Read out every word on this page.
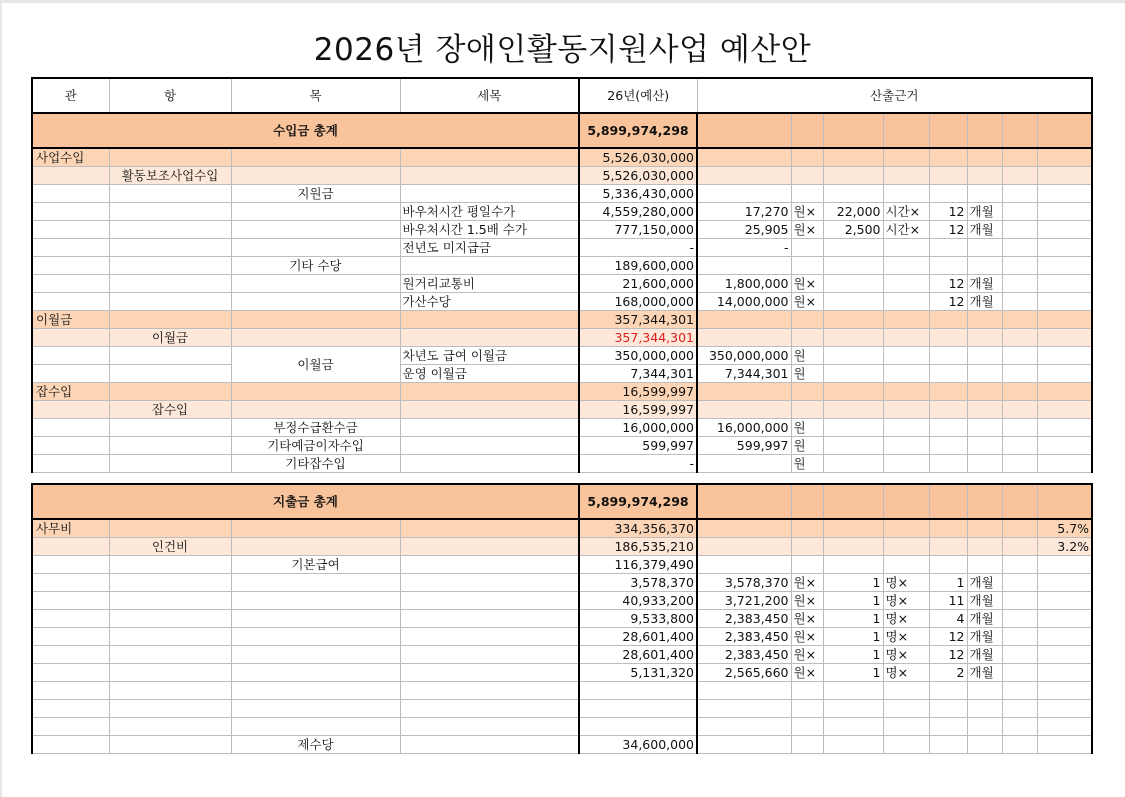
2026년 장애인활동지원사업 예산안
관	항	목	세목	26년(예산)	산출근거							
수입금 총계				5,899,974,298								
사업수입				5,526,030,000								
	활동보조사업수입			5,526,030,000								
		지원금		5,336,430,000								
			바우처시간 평일수가	4,559,280,000	17,270	원×	22,000	시간×	12	개월		
			바우처시간 1.5배 수가	777,150,000	25,905	원×	2,500	시간×	12	개월		
			전년도 미지급금	-	-							
		기타 수당		189,600,000								
			원거리교통비	21,600,000	1,800,000	원×			12	개월		
			가산수당	168,000,000	14,000,000	원×			12	개월		
이월금				357,344,301								
	이월금			357,344,301								
		이월금	차년도 급여 이월금	350,000,000	350,000,000	원						
			운영 이월금	7,344,301	7,344,301	원						
잡수입				16,599,997								
	잡수입			16,599,997								
		부정수급환수금		16,000,000	16,000,000	원						
		기타예금이자수입		599,997	599,997	원						
		기타잡수입		-		원						

지출금 총계				5,899,974,298								
사무비				334,356,370								5.7%
	인건비			186,535,210								3.2%
		기본급여		116,379,490								
				3,578,370	3,578,370	원×	1	명×	1	개월		
				40,933,200	3,721,200	원×	1	명×	11	개월		
				9,533,800	2,383,450	원×	1	명×	4	개월		
				28,601,400	2,383,450	원×	1	명×	12	개월		
				28,601,400	2,383,450	원×	1	명×	12	개월		
				5,131,320	2,565,660	원×	1	명×	2	개월		

		제수당		34,600,000								
